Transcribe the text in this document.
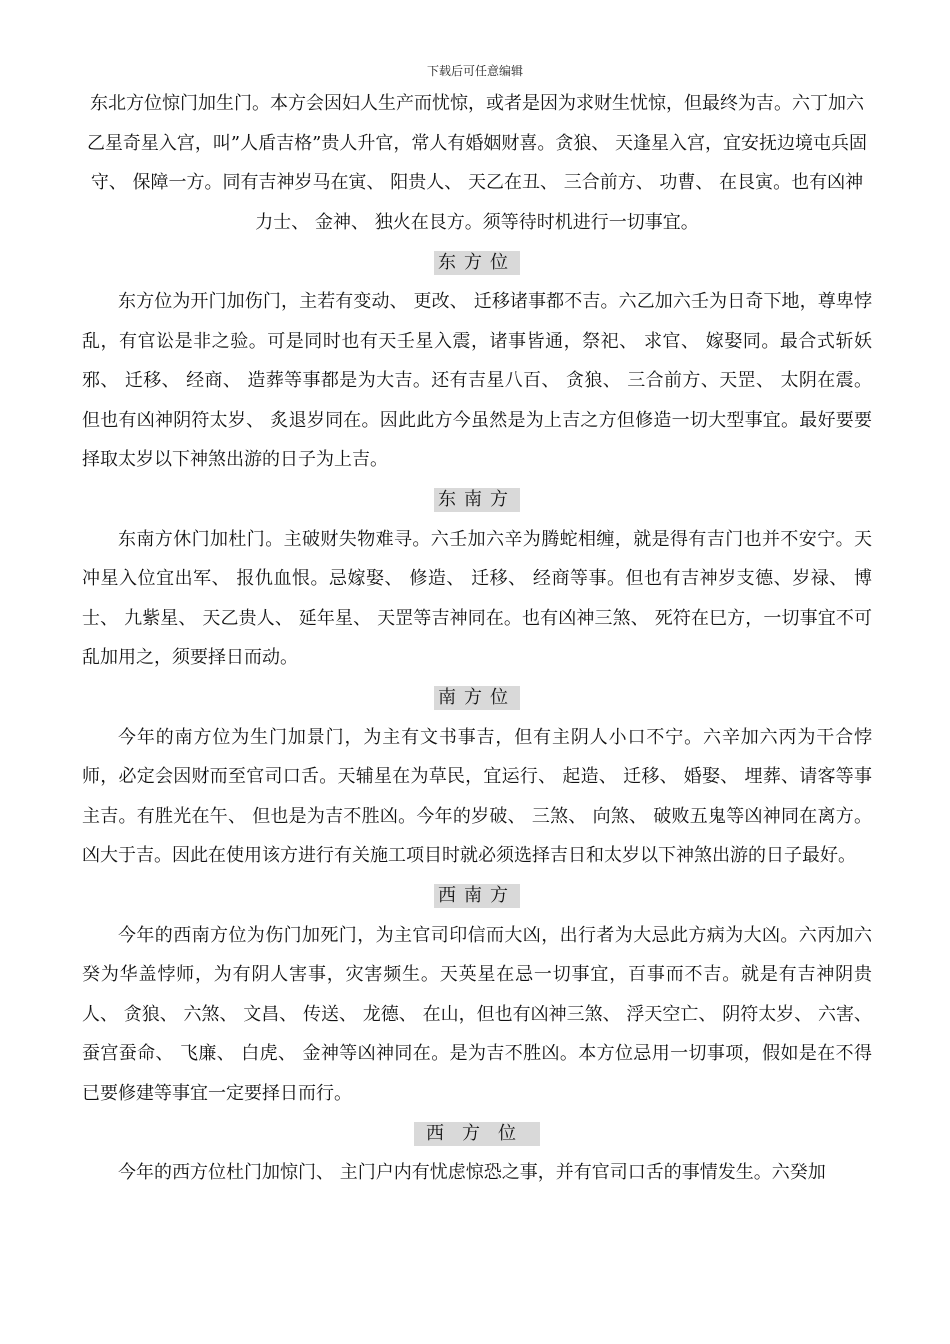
下载后可任意编辑

东北方位惊门加生门。本方会因妇人生产而忧惊，或者是因为求财生忧惊，但最终为吉。六丁加六乙星奇星入宫，叫”人盾吉格”贵人升官，常人有婚姻财喜。贪狼、 天逢星入宫，宜安抚边境屯兵固守、 保障一方。同有吉神岁马在寅、 阳贵人、 天乙在丑、 三合前方、 功曹、 在艮寅。也有凶神力士、 金神、 独火在艮方。须等待时机进行一切事宜。

东方位

东方位为开门加伤门，主若有变动、 更改、 迁移诸事都不吉。六乙加六壬为日奇下地，尊卑悖乱，有官讼是非之验。可是同时也有天壬星入震，诸事皆通，祭祀、 求官、 嫁娶同。最合式斩妖邪、 迁移、 经商、 造葬等事都是为大吉。还有吉星八百、 贪狼、 三合前方、天罡、 太阴在震。但也有凶神阴符太岁、 炙退岁同在。因此此方今虽然是为上吉之方但修造一切大型事宜。最好要要择取太岁以下神煞出游的日子为上吉。

东南方

东南方休门加杜门。主破财失物难寻。六壬加六辛为腾蛇相缠，就是得有吉门也并不安宁。天冲星入位宜出军、 报仇血恨。忌嫁娶、 修造、 迁移、 经商等事。但也有吉神岁支德、岁禄、 博士、 九紫星、 天乙贵人、 延年星、 天罡等吉神同在。也有凶神三煞、 死符在巳方，一切事宜不可乱加用之，须要择日而动。

南方位

今年的南方位为生门加景门，为主有文书事吉，但有主阴人小口不宁。六辛加六丙为干合悖师，必定会因财而至官司口舌。天辅星在为草民，宜运行、 起造、 迁移、 婚娶、 埋葬、请客等事主吉。有胜光在午、 但也是为吉不胜凶。今年的岁破、 三煞、 向煞、 破败五鬼等凶神同在离方。凶大于吉。因此在使用该方进行有关施工项目时就必须选择吉日和太岁以下神煞出游的日子最好。

西南方

今年的西南方位为伤门加死门，为主官司印信而大凶，出行者为大忌此方病为大凶。六丙加六癸为华盖悖师，为有阴人害事，灾害频生。天英星在忌一切事宜，百事而不吉。就是有吉神阴贵人、 贪狼、 六煞、 文昌、 传送、 龙德、 在山，但也有凶神三煞、 浮天空亡、 阴符太岁、 六害、 蚕宫蚕命、 飞廉、 白虎、 金神等凶神同在。是为吉不胜凶。本方位忌用一切事项，假如是在不得已要修建等事宜一定要择日而行。

西方位

今年的西方位杜门加惊门、 主门户内有忧虑惊恐之事，并有官司口舌的事情发生。六癸加
